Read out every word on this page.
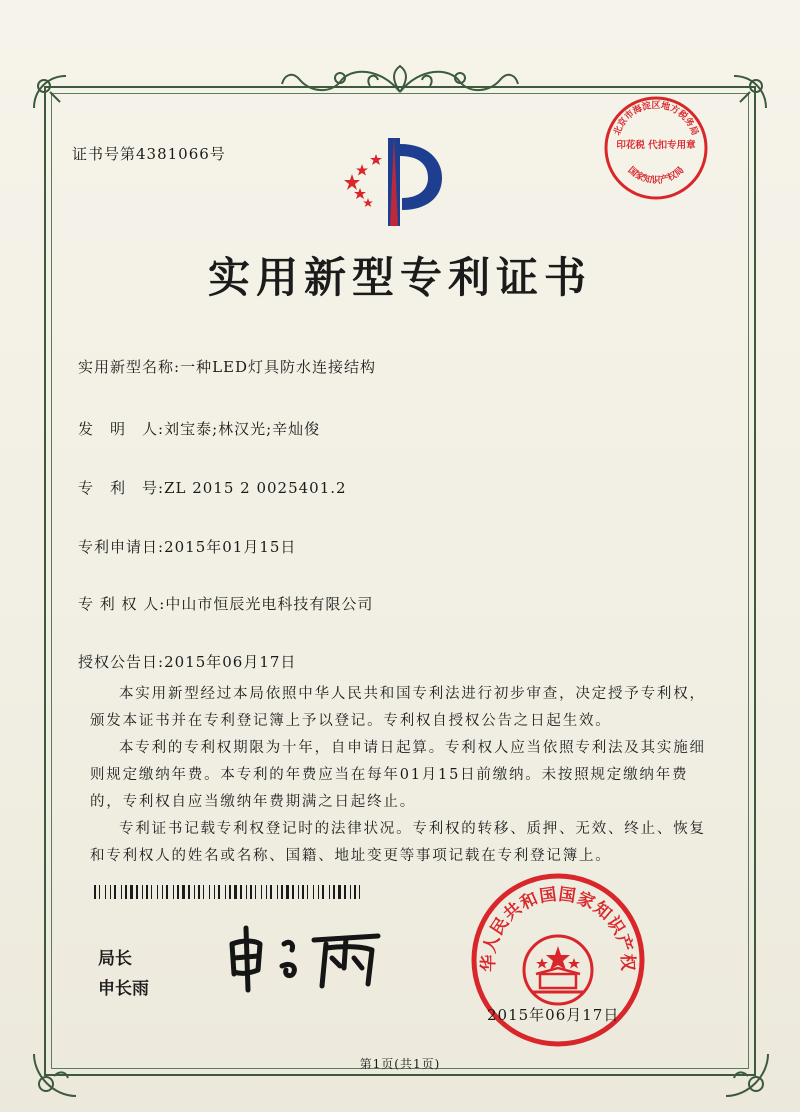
证书号第4381066号
实用新型专利证书
实用新型名称:一种LED灯具防水连接结构
发　明　人:刘宝泰;林汉光;辛灿俊
专　利　号:ZL 2015 2 0025401.2
专利申请日:2015年01月15日
专 利 权 人:中山市恒辰光电科技有限公司
授权公告日:2015年06月17日

本实用新型经过本局依照中华人民共和国专利法进行初步审查，决定授予专利权，颁发本证书并在专利登记簿上予以登记。专利权自授权公告之日起生效。

本专利的专利权期限为十年，自申请日起算。专利权人应当依照专利法及其实施细则规定缴纳年费。本专利的年费应当在每年01月15日前缴纳。未按照规定缴纳年费的，专利权自应当缴纳年费期满之日起终止。

专利证书记载专利权登记时的法律状况。专利权的转移、质押、无效、终止、恢复和专利权人的姓名或名称、国籍、地址变更等事项记载在专利登记簿上。

局长
申长雨
华人民共和国国家知识产权
北京市海淀区地方税务局
国家知识产权局
印花税 代扣专用章
2015年06月17日
第1页(共1页)
